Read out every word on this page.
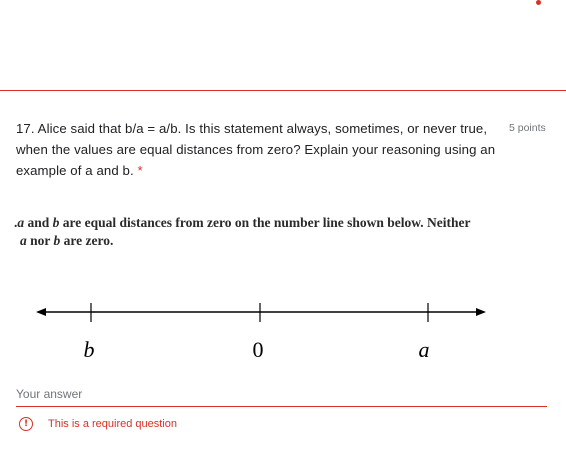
17. Alice said that b/a = a/b. Is this statement always, sometimes, or never true, when the values are equal distances from zero? Explain your reasoning using an example of a and b. *
5 points
.a and b are equal distances from zero on the number line shown below. Neither
a nor b are zero.
b	0	a
Your answer
!	This is a required question
